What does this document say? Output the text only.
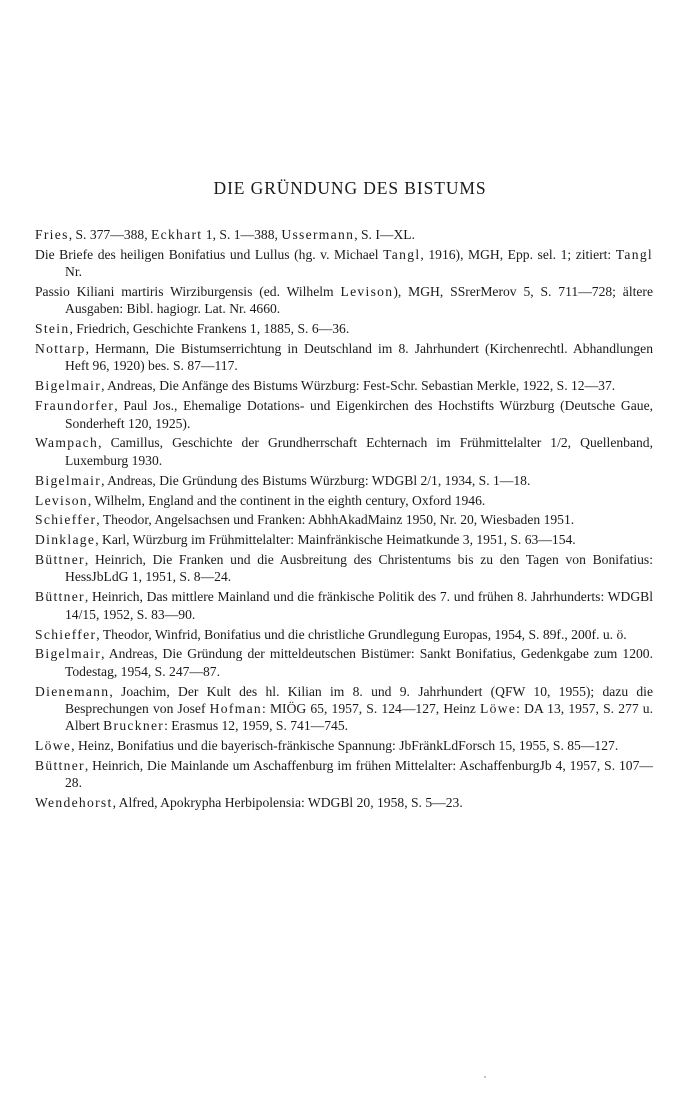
DIE GRÜNDUNG DES BISTUMS
Fries, S. 377—388, Eckhart 1, S. 1—388, Ussermann, S. I—XL.
Die Briefe des heiligen Bonifatius und Lullus (hg. v. Michael Tangl, 1916), MGH, Epp. sel. 1; zitiert: Tangl Nr.
Passio Kiliani martiris Wirziburgensis (ed. Wilhelm Levison), MGH, SSrerMerov 5, S. 711—728; ältere Ausgaben: Bibl. hagiogr. Lat. Nr. 4660.
Stein, Friedrich, Geschichte Frankens 1, 1885, S. 6—36.
Nottarp, Hermann, Die Bistumserrichtung in Deutschland im 8. Jahrhundert (Kirchenrechtl. Abhandlungen Heft 96, 1920) bes. S. 87—117.
Bigelmair, Andreas, Die Anfänge des Bistums Würzburg: Fest-Schr. Sebastian Merkle, 1922, S. 12—37.
Fraundorfer, Paul Jos., Ehemalige Dotations- und Eigenkirchen des Hochstifts Würzburg (Deutsche Gaue, Sonderheft 120, 1925).
Wampach, Camillus, Geschichte der Grundherrschaft Echternach im Frühmittelalter 1/2, Quellenband, Luxemburg 1930.
Bigelmair, Andreas, Die Gründung des Bistums Würzburg: WDGBl 2/1, 1934, S. 1—18.
Levison, Wilhelm, England and the continent in the eighth century, Oxford 1946.
Schieffer, Theodor, Angelsachsen und Franken: AbhhAkadMainz 1950, Nr. 20, Wiesbaden 1951.
Dinklage, Karl, Würzburg im Frühmittelalter: Mainfränkische Heimatkunde 3, 1951, S. 63—154.
Büttner, Heinrich, Die Franken und die Ausbreitung des Christentums bis zu den Tagen von Bonifatius: HessJbLdG 1, 1951, S. 8—24.
Büttner, Heinrich, Das mittlere Mainland und die fränkische Politik des 7. und frühen 8. Jahrhunderts: WDGBl 14/15, 1952, S. 83—90.
Schieffer, Theodor, Winfrid, Bonifatius und die christliche Grundlegung Europas, 1954, S. 89f., 200f. u. ö.
Bigelmair, Andreas, Die Gründung der mitteldeutschen Bistümer: Sankt Bonifatius, Gedenkgabe zum 1200. Todestag, 1954, S. 247—87.
Dienemann, Joachim, Der Kult des hl. Kilian im 8. und 9. Jahrhundert (QFW 10, 1955); dazu die Besprechungen von Josef Hofman: MIÖG 65, 1957, S. 124—127, Heinz Löwe: DA 13, 1957, S. 277 u. Albert Bruckner: Erasmus 12, 1959, S. 741—745.
Löwe, Heinz, Bonifatius und die bayerisch-fränkische Spannung: JbFränkLdForsch 15, 1955, S. 85—127.
Büttner, Heinrich, Die Mainlande um Aschaffenburg im frühen Mittelalter: AschaffenburgJb 4, 1957, S. 107—28.
Wendehorst, Alfred, Apokrypha Herbipolensia: WDGBl 20, 1958, S. 5—23.
